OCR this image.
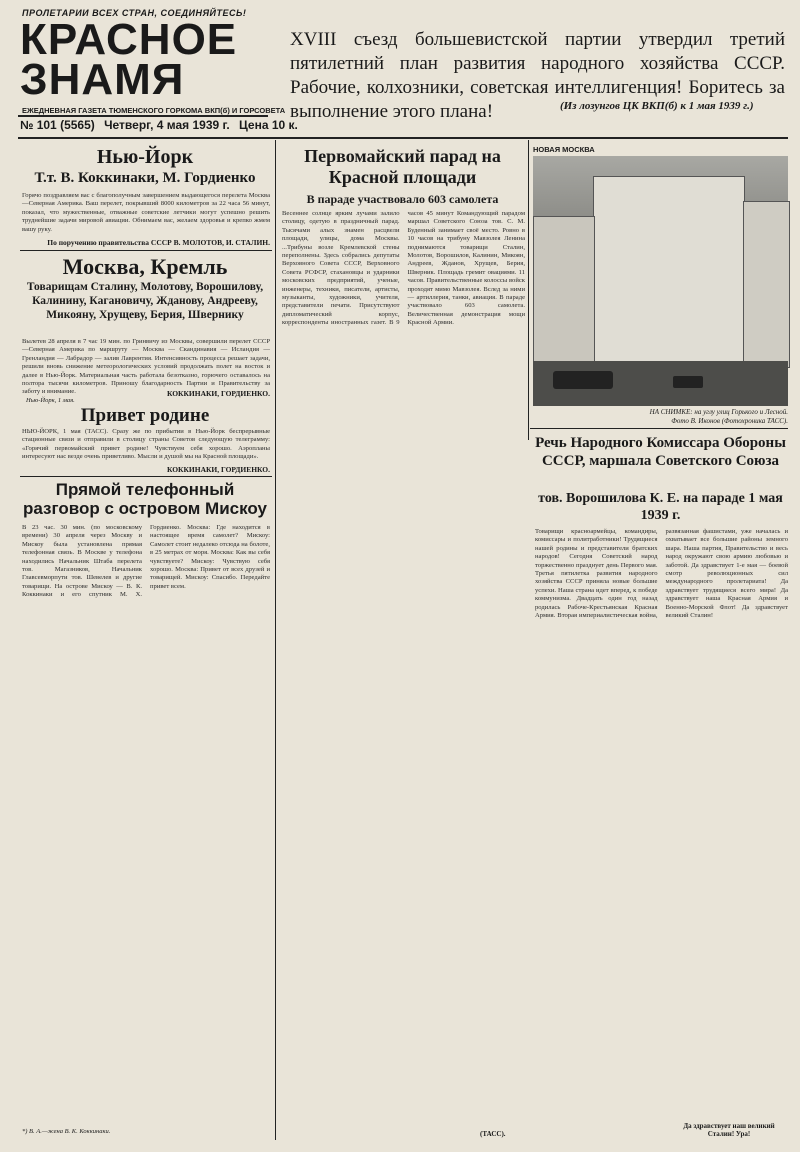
ПРОЛЕТАРИИ ВСЕХ СТРАН, СОЕДИНЯЙТЕСЬ!
КРАСНОЕ
ЗНАМЯ
ЕЖЕДНЕВНАЯ ГАЗЕТА ТЮМЕНСКОГО ГОРКОМА ВКП(б) И ГОРСОВЕТА
№ 101 (5565) Четверг, 4 мая 1939 г. Цена 10 к.
XVIII съезд большевистской партии утвердил третий пятилетний план развития народного хозяйства СССР. Рабочие, колхозники, советская интеллигенция! Боритесь за выполнение этого плана!	(Из лозунгов ЦК ВКП(б) к 1 мая 1939 г.)
Нью-Йорк
Т.т. В. Коккинаки, М. Гордиенко
Горячо поздравляем вас с благополучным завершением выдающегося перелета Москва—Северная Америка. Ваш перелет, покрывший 8000 километров за 22 часа 56 минут, показал, что мужественные, отважные советские летчики могут успешно решить труднейшие задачи мировой авиации. Обнимаем вас, желаем здоровья и крепко жмем вашу руку.
По поручению правительства СССР В. МОЛОТОВ, И. СТАЛИН.
Москва, Кремль
Товарищам Сталину, Молотову, Ворошилову, Калинину, Кагановичу, Жданову, Андрееву, Микояну, Хрущеву, Берия, Швернику
Вылетев 28 апреля в 7 час 19 мин. по Гринвичу из Москвы, совершили перелет СССР—Северная Америка по маршруту — Москва — Скандинавия — Исландия — Гренландия — Лабрадор — залив Лаврентия. Интенсивность процесса решает задачи, решили вновь снижение метеорологических условий продолжать полет на восток и далее в Нью-Йорк. Материальная часть работала безотказно, горючего оставалось на полтора тысячи километров. Приношу благодарность Партии и Правительству за заботу и внимание.	КОККИНАКИ, ГОРДИЕНКО.
Нью-Йорк, 1 мая.
Привет родине
НЬЮ-ЙОРК, 1 мая (ТАСС). Сразу же по прибытии в Нью-Йорк беспрерывные стационные связи и отправили в столицу страны Советов следующую телеграмму: «Горячий первомайский привет родине! Чувствуем себя хорошо. Аэропланы интересуют нас везде очень приветливо. Мысли и душой мы на Красной площади».
КОККИНАКИ, ГОРДИЕНКО.
Прямой телефонный разговор с островом Мискоу
В 23 час. 30 мин. (по московскому времени) 30 апреля через Москву и Мискоу была установлена прямая телефонная связь. В Москве у телефона находились Начальник Штаба перелета тов. Магазников, Начальник Главсевморпути тов. Шевелев и другие товарищи. На острове Мискоу — В. К. Коккинаки и его спутник М. Х. Гордиенко. Москва: Где находится в настоящее время самолет? Мискоу: Самолет стоит недалеко отсюда на болоте, в 25 метрах от моря. Москва: Как вы себя чувствуете? Мискоу: Чувствую себя хорошо. Москва: Привет от всех друзей и товарищей. Мискоу: Спасибо. Передайте привет всем.
*) В. А.—жена В. К. Коккинаки.
Первомайский парад на Красной площади
В параде участвовало 603 самолета
Весеннее солнце ярким лучами залило столицу, одетую в праздничный парад. Тысячами алых знамен расцвели площади, улицы, дома Москвы. ...Трибуны возле Кремлевской стены переполнены. Здесь собрались депутаты Верховного Совета СССР, Верховного Совета РСФСР, стахановцы и ударники московских предприятий, ученые, инженеры, техники, писатели, артисты, музыканты, художники, учителя, представители печати. Присутствуют дипломатический корпус, корреспонденты иностранных газет. В 9 часов 45 минут Командующий парадом маршал Советского Союза тов. С. М. Буденный занимает своё место. Ровно в 10 часов на трибуну Мавзолея Ленина поднимаются товарищи Сталин, Молотов, Ворошилов, Калинин, Микоян, Андреев, Жданов, Хрущев, Берия, Шверник. Площадь гремит овациями. 11 часов. Правительственные колоссы войск проходят мимо Мавзолея. Вслед за ними — артиллерия, танки, авиация. В параде участвовало 603 самолета. Величественная демонстрация мощи Красной Армии.
(ТАСС).
НОВАЯ МОСКВА
НА СНИМКЕ: на углу улиц Горького и Лесной.
Фото В. Иконов (Фотохроника ТАСС).
Речь Народного Комиссара Обороны СССР, маршала Советского Союза
тов. Ворошилова К. Е. на параде 1 мая 1939 г.
Товарищи красноармейцы, командиры, комиссары и политработники! Трудящиеся нашей родины и представители братских народов! Сегодня Советский народ торжественно празднует день Первого мая. Третья пятилетка развития народного хозяйства СССР приняла новые большие успехи. Наша страна идет вперед, к победе коммунизма. Двадцать один год назад родилась Рабоче-Крестьянская Красная Армия. Вторая империалистическая война, развязанная фашистами, уже началась и охватывает все большие районы земного шара. Наша партия, Правительство и весь народ окружают свою армию любовью и заботой. Да здравствует 1-е мая — боевой смотр революционных сил международного пролетариата! Да здравствует трудящиеся всего мира! Да здравствует наша Красная Армия и Военно-Морской Флот! Да здравствует великий Сталин!
Да здравствует наш великий Сталин! Ура!
